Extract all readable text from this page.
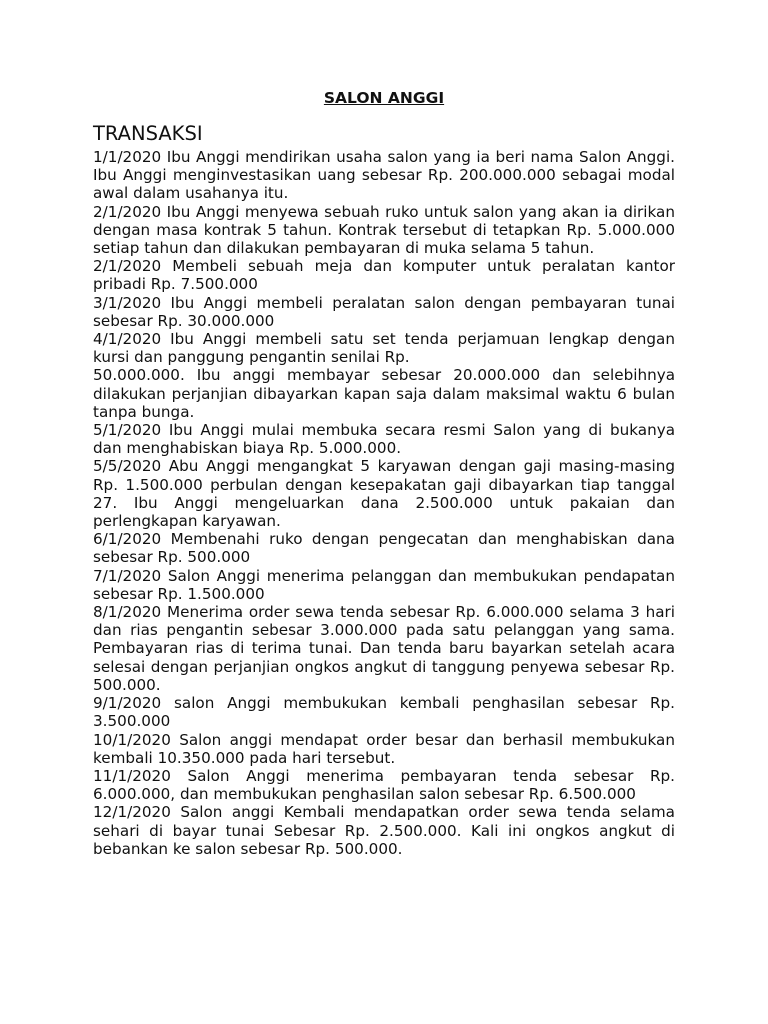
SALON ANGGI
TRANSAKSI

1/1/2020 Ibu Anggi mendirikan usaha salon yang ia beri nama Salon Anggi. Ibu Anggi menginvestasikan uang sebesar Rp. 200.000.000 sebagai modal awal dalam usahanya itu.

2/1/2020 Ibu Anggi menyewa sebuah ruko untuk salon yang akan ia dirikan dengan masa kontrak 5 tahun. Kontrak tersebut di tetapkan Rp. 5.000.000 setiap tahun dan dilakukan pembayaran di muka selama 5 tahun.

2/1/2020 Membeli sebuah meja dan komputer untuk peralatan kantor pribadi Rp. 7.500.000

3/1/2020 Ibu Anggi membeli peralatan salon dengan pembayaran tunai sebesar Rp. 30.000.000

4/1/2020 Ibu Anggi membeli satu set tenda perjamuan lengkap dengan kursi dan panggung pengantin senilai Rp.

50.000.000. Ibu anggi membayar sebesar 20.000.000 dan selebihnya dilakukan perjanjian dibayarkan kapan saja dalam maksimal waktu 6 bulan tanpa bunga.

5/1/2020 Ibu Anggi mulai membuka secara resmi Salon yang di bukanya dan menghabiskan biaya Rp. 5.000.000.

5/5/2020 Abu Anggi mengangkat 5 karyawan dengan gaji masing-masing Rp. 1.500.000 perbulan dengan kesepakatan gaji dibayarkan tiap tanggal 27. Ibu Anggi mengeluarkan dana 2.500.000 untuk pakaian dan perlengkapan karyawan.

6/1/2020 Membenahi ruko dengan pengecatan dan menghabiskan dana sebesar Rp. 500.000

7/1/2020 Salon Anggi menerima pelanggan dan membukukan pendapatan sebesar Rp. 1.500.000

8/1/2020 Menerima order sewa tenda sebesar Rp. 6.000.000 selama 3 hari dan rias pengantin sebesar 3.000.000 pada satu pelanggan yang sama. Pembayaran rias di terima tunai. Dan tenda baru bayarkan setelah acara selesai dengan perjanjian ongkos angkut di tanggung penyewa sebesar Rp. 500.000.

9/1/2020 salon Anggi membukukan kembali penghasilan sebesar Rp. 3.500.000

10/1/2020 Salon anggi mendapat order besar dan berhasil membukukan kembali 10.350.000 pada hari tersebut.

11/1/2020 Salon Anggi menerima pembayaran tenda sebesar Rp. 6.000.000, dan membukukan penghasilan salon sebesar Rp. 6.500.000

12/1/2020 Salon anggi Kembali mendapatkan order sewa tenda selama sehari di bayar tunai Sebesar Rp. 2.500.000. Kali ini ongkos angkut di bebankan ke salon sebesar Rp. 500.000.
